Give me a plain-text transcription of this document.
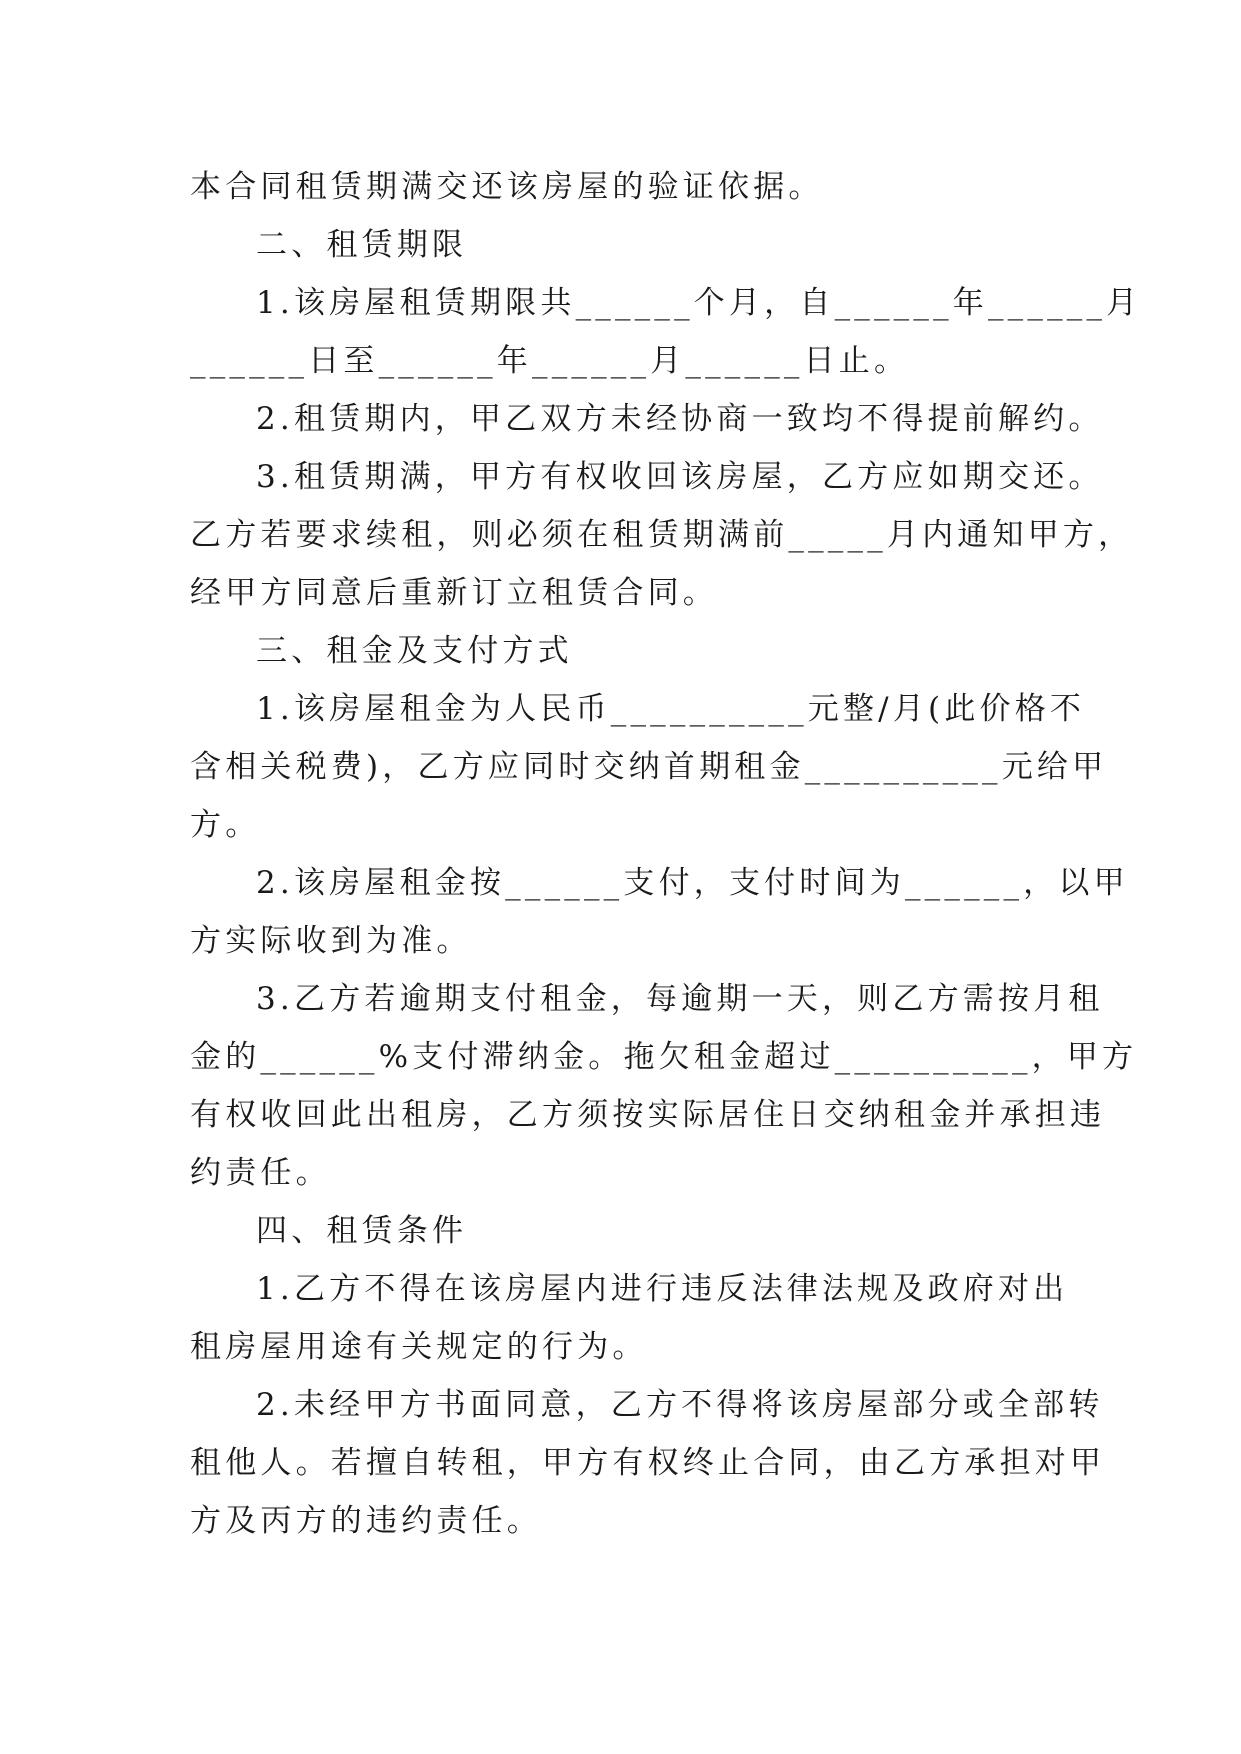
本合同租赁期满交还该房屋的验证依据。
二、租赁期限
1.该房屋租赁期限共______个月，自______年______月
______日至______年______月______日止。
2.租赁期内，甲乙双方未经协商一致均不得提前解约。
3.租赁期满，甲方有权收回该房屋，乙方应如期交还。
乙方若要求续租，则必须在租赁期满前_____月内通知甲方，
经甲方同意后重新订立租赁合同。
三、租金及支付方式
1.该房屋租金为人民币__________元整/月(此价格不
含相关税费)，乙方应同时交纳首期租金__________元给甲
方。
2.该房屋租金按______支付，支付时间为______，以甲
方实际收到为准。
3.乙方若逾期支付租金，每逾期一天，则乙方需按月租
金的______%支付滞纳金。拖欠租金超过__________，甲方
有权收回此出租房，乙方须按实际居住日交纳租金并承担违
约责任。
四、租赁条件
1.乙方不得在该房屋内进行违反法律法规及政府对出
租房屋用途有关规定的行为。
2.未经甲方书面同意，乙方不得将该房屋部分或全部转
租他人。若擅自转租，甲方有权终止合同，由乙方承担对甲
方及丙方的违约责任。
